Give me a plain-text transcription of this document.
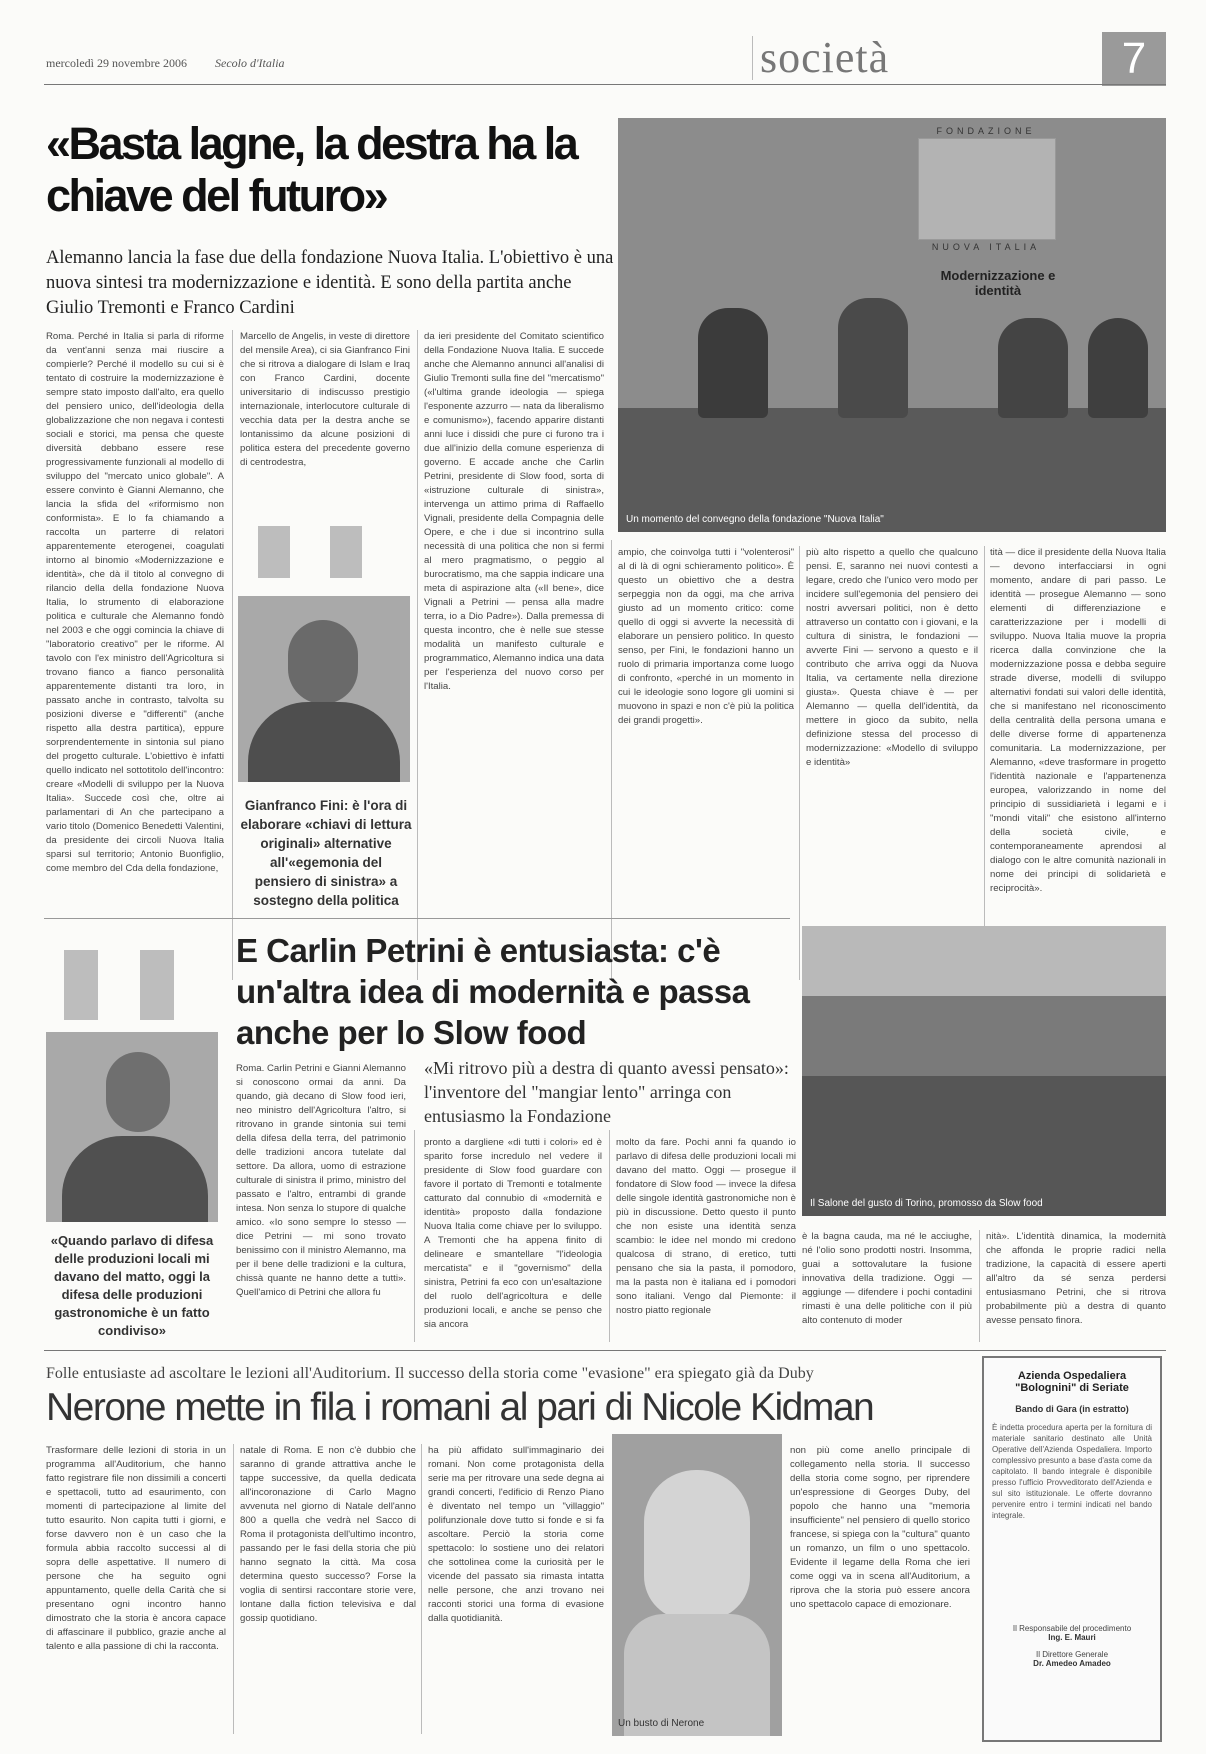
mercoledì 29 novembre 2006 Secolo d'Italia	società	7
«Basta lagne, la destra ha la chiave del futuro»
Alemanno lancia la fase due della fondazione Nuova Italia. L'obiettivo è una nuova sintesi tra modernizzazione e identità. E sono della partita anche Giulio Tremonti e Franco Cardini
FONDAZIONE
NUOVA ITALIA
Modernizzazione e identità
Un momento del convegno della fondazione "Nuova Italia"

Roma. Perché in Italia si parla di riforme da vent'anni senza mai riuscire a compierle? Perché il modello su cui si è tentato di costruire la modernizzazione è sempre stato imposto dall'alto, era quello del pensiero unico, dell'ideologia della globalizzazione che non negava i contesti sociali e storici, ma pensa che queste diversità debbano essere rese progressivamente funzionali al modello di sviluppo del "mercato unico globale". A essere convinto è Gianni Alemanno, che lancia la sfida del «riformismo non conformista». E lo fa chiamando a raccolta un parterre di relatori apparentemente eterogenei, coagulati intorno al binomio «Modernizzazione e identità», che dà il titolo al convegno di rilancio della della fondazione Nuova Italia, lo strumento di elaborazione politica e culturale che Alemanno fondò nel 2003 e che oggi comincia la chiave di "laboratorio creativo" per le riforme. Al tavolo con l'ex ministro dell'Agricoltura si trovano fianco a fianco personalità apparentemente distanti tra loro, in passato anche in contrasto, talvolta su posizioni diverse e "differenti" (anche rispetto alla destra partitica), eppure sorprendentemente in sintonia sul piano del progetto culturale. L'obiettivo è infatti quello indicato nel sottotitolo dell'incontro: creare «Modelli di sviluppo per la Nuova Italia». Succede così che, oltre ai parlamentari di An che partecipano a vario titolo (Domenico Benedetti Valentini, da presidente dei circoli Nuova Italia sparsi sul territorio; Antonio Buonfiglio, come membro del Cda della fondazione,

Marcello de Angelis, in veste di direttore del mensile Area), ci sia Gianfranco Fini che si ritrova a dialogare di Islam e Iraq con Franco Cardini, docente universitario di indiscusso prestigio internazionale, interlocutore culturale di vecchia data per la destra anche se lontanissimo da alcune posizioni di politica estera del precedente governo di centrodestra,

Gianfranco Fini: è l'ora di elaborare «chiavi di lettura originali» alternative all'«egemonia del pensiero di sinistra» a sostegno della politica

da ieri presidente del Comitato scientifico della Fondazione Nuova Italia. E succede anche che Alemanno annunci all'analisi di Giulio Tremonti sulla fine del "mercatismo" («l'ultima grande ideologia — spiega l'esponente azzurro — nata da liberalismo e comunismo»), facendo apparire distanti anni luce i dissidi che pure ci furono tra i due all'inizio della comune esperienza di governo. E accade anche che Carlin Petrini, presidente di Slow food, sorta di «istruzione culturale di sinistra», intervenga un attimo prima di Raffaello Vignali, presidente della Compagnia delle Opere, e che i due si incontrino sulla necessità di una politica che non si fermi al mero pragmatismo, o peggio al burocratismo, ma che sappia indicare una meta di aspirazione alta («Il bene», dice Vignali a Petrini — pensa alla madre terra, io a Dio Padre»). Dalla premessa di questa incontro, che è nelle sue stesse modalità un manifesto culturale e programmatico, Alemanno indica una data per l'esperienza del nuovo corso per l'Italia.

ampio, che coinvolga tutti i "volenterosi" al di là di ogni schieramento politico». È questo un obiettivo che a destra serpeggia non da oggi, ma che arriva giusto ad un momento critico: come quello di oggi si avverte la necessità di elaborare un pensiero politico. In questo senso, per Fini, le fondazioni hanno un ruolo di primaria importanza come luogo di confronto, «perché in un momento in cui le ideologie sono logore gli uomini si muovono in spazi e non c'è più la politica dei grandi progetti».

più alto rispetto a quello che qualcuno pensi. E, saranno nei nuovi contesti a legare, credo che l'unico vero modo per incidere sull'egemonia del pensiero dei nostri avversari politici, non è detto attraverso un contatto con i giovani, e la cultura di sinistra, le fondazioni — avverte Fini — servono a questo e il contributo che arriva oggi da Nuova Italia, va certamente nella direzione giusta». Questa chiave è — per Alemanno — quella dell'identità, da mettere in gioco da subito, nella definizione stessa del processo di modernizzazione: «Modello di sviluppo e identità»

tità — dice il presidente della Nuova Italia — devono interfacciarsi in ogni momento, andare di pari passo. Le identità — prosegue Alemanno — sono elementi di differenziazione e caratterizzazione per i modelli di sviluppo. Nuova Italia muove la propria ricerca dalla convinzione che la modernizzazione possa e debba seguire strade diverse, modelli di sviluppo alternativi fondati sui valori delle identità, che si manifestano nel riconoscimento della centralità della persona umana e delle diverse forme di appartenenza comunitaria. La modernizzazione, per Alemanno, «deve trasformare in progetto l'identità nazionale e l'appartenenza europea, valorizzando in nome del principio di sussidiarietà i legami e i "mondi vitali" che esistono all'interno della società civile, e contemporaneamente aprendosi al dialogo con le altre comunità nazionali in nome dei principi di solidarietà e reciprocità».

«Quando parlavo di difesa delle produzioni locali mi davano del matto, oggi la difesa delle produzioni gastronomiche è un fatto condiviso»
E Carlin Petrini è entusiasta: c'è un'altra idea di modernità e passa anche per lo Slow food

Roma. Carlin Petrini e Gianni Alemanno si conoscono ormai da anni. Da quando, già decano di Slow food ieri, neo ministro dell'Agricoltura l'altro, si ritrovano in grande sintonia sui temi della difesa della terra, del patrimonio delle tradizioni ancora tutelate dal settore. Da allora, uomo di estrazione culturale di sinistra il primo, ministro del passato e l'altro, entrambi di grande intesa. Non senza lo stupore di qualche amico. «Io sono sempre lo stesso — dice Petrini — mi sono trovato benissimo con il ministro Alemanno, ma per il bene delle tradizioni e la cultura, chissà quante ne hanno dette a tutti». Quell'amico di Petrini che allora fu

«Mi ritrovo più a destra di quanto avessi pensato»: l'inventore del "mangiar lento" arringa con entusiasmo la Fondazione

pronto a dargliene «di tutti i colori» ed è sparito forse incredulo nel vedere il presidente di Slow food guardare con favore il portato di Tremonti e totalmente catturato dal connubio di «modernità e identità» proposto dalla fondazione Nuova Italia come chiave per lo sviluppo. A Tremonti che ha appena finito di delineare e smantellare "l'ideologia mercatista" e il "governismo" della sinistra, Petrini fa eco con un'esaltazione del ruolo dell'agricoltura e delle produzioni locali, e anche se penso che sia ancora

molto da fare. Pochi anni fa quando io parlavo di difesa delle produzioni locali mi davano del matto. Oggi — prosegue il fondatore di Slow food — invece la difesa delle singole identità gastronomiche non è più in discussione. Detto questo il punto che non esiste una identità senza scambio: le idee nel mondo mi credono qualcosa di strano, di eretico, tutti pensano che sia la pasta, il pomodoro, ma la pasta non è italiana ed i pomodori sono italiani. Vengo dal Piemonte: il nostro piatto regionale

Il Salone del gusto di Torino, promosso da Slow food

è la bagna cauda, ma né le acciughe, né l'olio sono prodotti nostri. Insomma, guai a sottovalutare la fusione innovativa della tradizione. Oggi — aggiunge — difendere i pochi contadini rimasti è una delle politiche con il più alto contenuto di moder

nità». L'identità dinamica, la modernità che affonda le proprie radici nella tradizione, la capacità di essere aperti all'altro da sé senza perdersi entusiasmano Petrini, che si ritrova probabilmente più a destra di quanto avesse pensato finora.

Folle entusiaste ad ascoltare le lezioni all'Auditorium. Il successo della storia come "evasione" era spiegato già da Duby
Nerone mette in fila i romani al pari di Nicole Kidman

Trasformare delle lezioni di storia in un programma all'Auditorium, che hanno fatto registrare file non dissimili a concerti e spettacoli, tutto ad esaurimento, con momenti di partecipazione al limite del tutto esaurito. Non capita tutti i giorni, e forse davvero non è un caso che la formula abbia raccolto successi al di sopra delle aspettative. Il numero di persone che ha seguito ogni appuntamento, quelle della Carità che si presentano ogni incontro hanno dimostrato che la storia è ancora capace di affascinare il pubblico, grazie anche al talento e alla passione di chi la racconta.

natale di Roma. E non c'è dubbio che saranno di grande attrattiva anche le tappe successive, da quella dedicata all'incoronazione di Carlo Magno avvenuta nel giorno di Natale dell'anno 800 a quella che vedrà nel Sacco di Roma il protagonista dell'ultimo incontro, passando per le fasi della storia che più hanno segnato la città. Ma cosa determina questo successo? Forse la voglia di sentirsi raccontare storie vere, lontane dalla fiction televisiva e dal gossip quotidiano.

ha più affidato sull'immaginario dei romani. Non come protagonista della serie ma per ritrovare una sede degna ai grandi concerti, l'edificio di Renzo Piano è diventato nel tempo un "villaggio" polifunzionale dove tutto si fonde e si fa ascoltare. Perciò la storia come spettacolo: lo sostiene uno dei relatori che sottolinea come la curiosità per le vicende del passato sia rimasta intatta nelle persone, che anzi trovano nei racconti storici una forma di evasione dalla quotidianità.

Un busto di Nerone

non più come anello principale di collegamento nella storia. Il successo della storia come sogno, per riprendere un'espressione di Georges Duby, del popolo che hanno una "memoria insufficiente" nel pensiero di quello storico francese, si spiega con la "cultura" quanto un romanzo, un film o uno spettacolo. Evidente il legame della Roma che ieri come oggi va in scena all'Auditorium, a riprova che la storia può essere ancora uno spettacolo capace di emozionare.

Azienda Ospedaliera
"Bolognini" di Seriate
Bando di Gara (in estratto)
È indetta procedura aperta per la fornitura di materiale sanitario destinato alle Unità Operative dell'Azienda Ospedaliera. Importo complessivo presunto a base d'asta come da capitolato. Il bando integrale è disponibile presso l'ufficio Provveditorato dell'Azienda e sul sito istituzionale. Le offerte dovranno pervenire entro i termini indicati nel bando integrale.
Il Responsabile del procedimento
Ing. E. Mauri
Il Direttore Generale
Dr. Amedeo Amadeo
